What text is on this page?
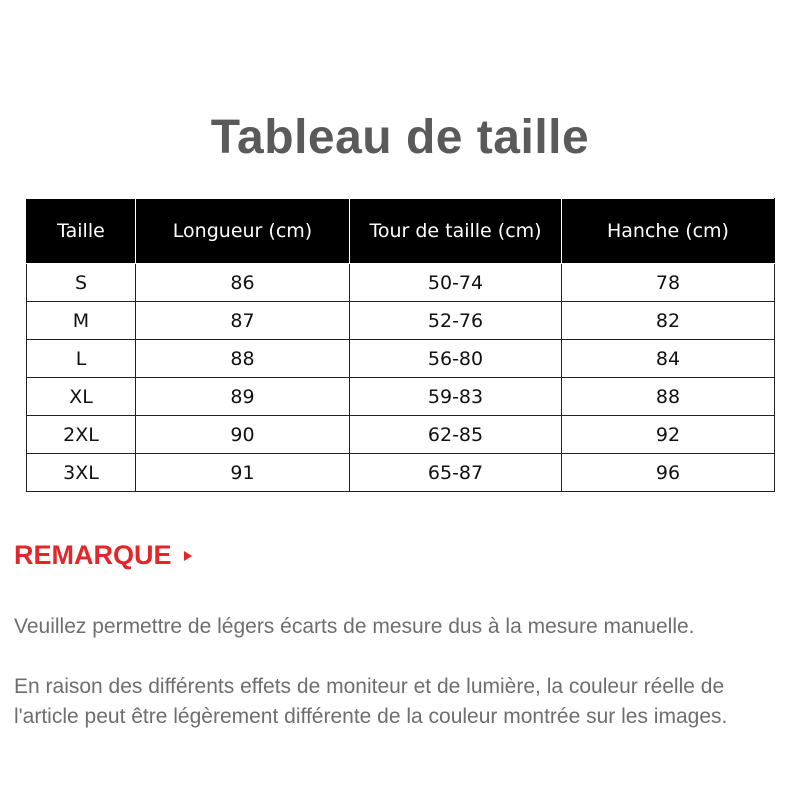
Tableau de taille
Taille	Longueur (cm)	Tour de taille (cm)	Hanche (cm)
S	86	50-74	78
M	87	52-76	82
L	88	56-80	84
XL	89	59-83	88
2XL	90	62-85	92
3XL	91	65-87	96
REMARQUE
Veuillez permettre de légers écarts de mesure dus à la mesure manuelle.
En raison des différents effets de moniteur et de lumière, la couleur réelle de l'article peut être légèrement différente de la couleur montrée sur les images.
